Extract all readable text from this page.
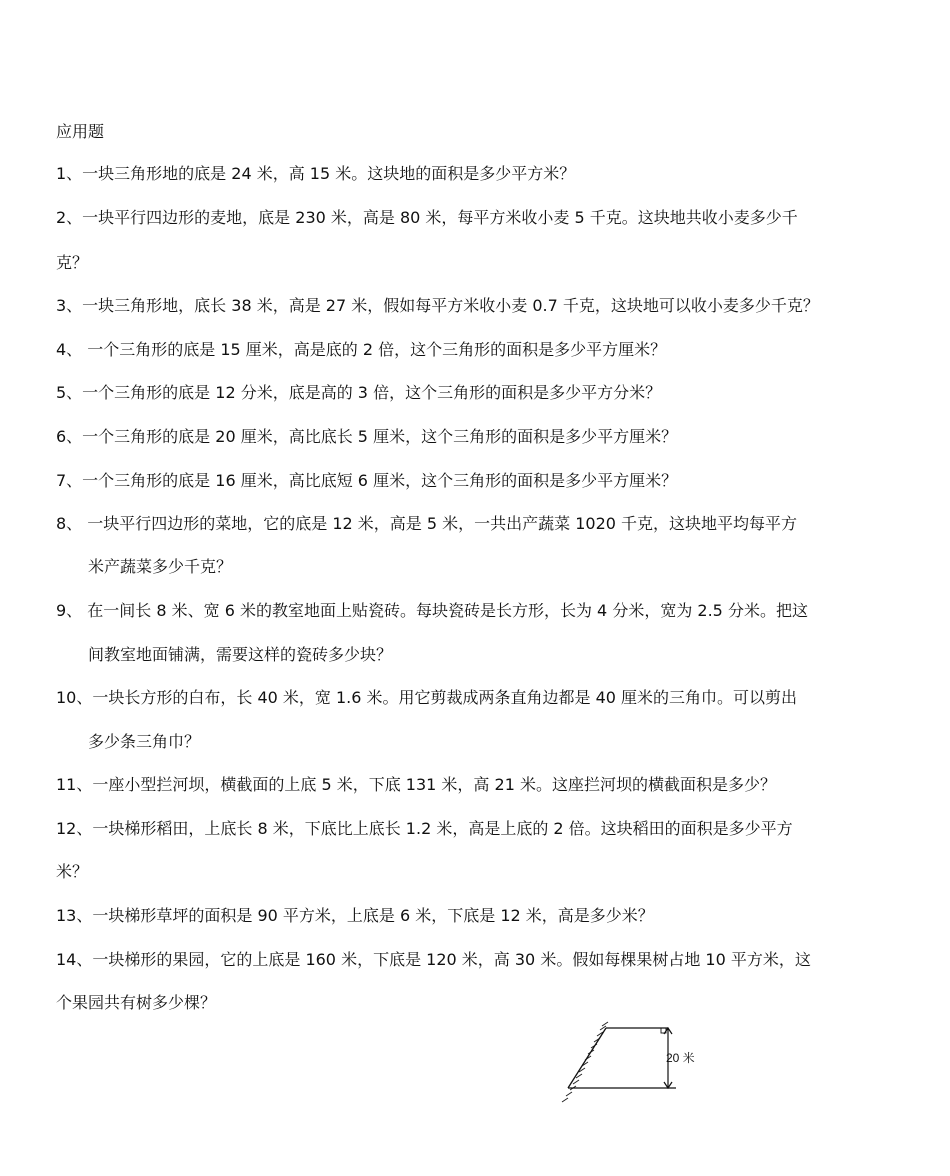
应用题
1、一块三角形地的底是 24 米，高 15 米。这块地的面积是多少平方米？
2、一块平行四边形的麦地，底是 230 米，高是 80 米，每平方米收小麦 5 千克。这块地共收小麦多少千
克？
3、一块三角形地，底长 38 米，高是 27 米，假如每平方米收小麦 0.7 千克，这块地可以收小麦多少千克？
4、 一个三角形的底是 15 厘米，高是底的 2 倍，这个三角形的面积是多少平方厘米？
5、一个三角形的底是 12 分米，底是高的 3 倍，这个三角形的面积是多少平方分米？
6、一个三角形的底是 20 厘米，高比底长 5 厘米，这个三角形的面积是多少平方厘米？
7、一个三角形的底是 16 厘米，高比底短 6 厘米，这个三角形的面积是多少平方厘米？
8、 一块平行四边形的菜地，它的底是 12 米，高是 5 米，一共出产蔬菜 1020 千克，这块地平均每平方
米产蔬菜多少千克？
9、 在一间长 8 米、宽 6 米的教室地面上贴瓷砖。每块瓷砖是长方形，长为 4 分米，宽为 2.5 分米。把这
间教室地面铺满，需要这样的瓷砖多少块？
10、一块长方形的白布，长 40 米，宽 1.6 米。用它剪裁成两条直角边都是 40 厘米的三角巾。可以剪出
多少条三角巾？
11、一座小型拦河坝，横截面的上底 5 米，下底 131 米，高 21 米。这座拦河坝的横截面积是多少？
12、一块梯形稻田，上底长 8 米，下底比上底长 1.2 米，高是上底的 2 倍。这块稻田的面积是多少平方
米？
13、一块梯形草坪的面积是 90 平方米，上底是 6 米，下底是 12 米，高是多少米？
14、一块梯形的果园，它的上底是 160 米，下底是 120 米，高 30 米。假如每棵果树占地 10 平方米，这
个果园共有树多少棵？
20 米
